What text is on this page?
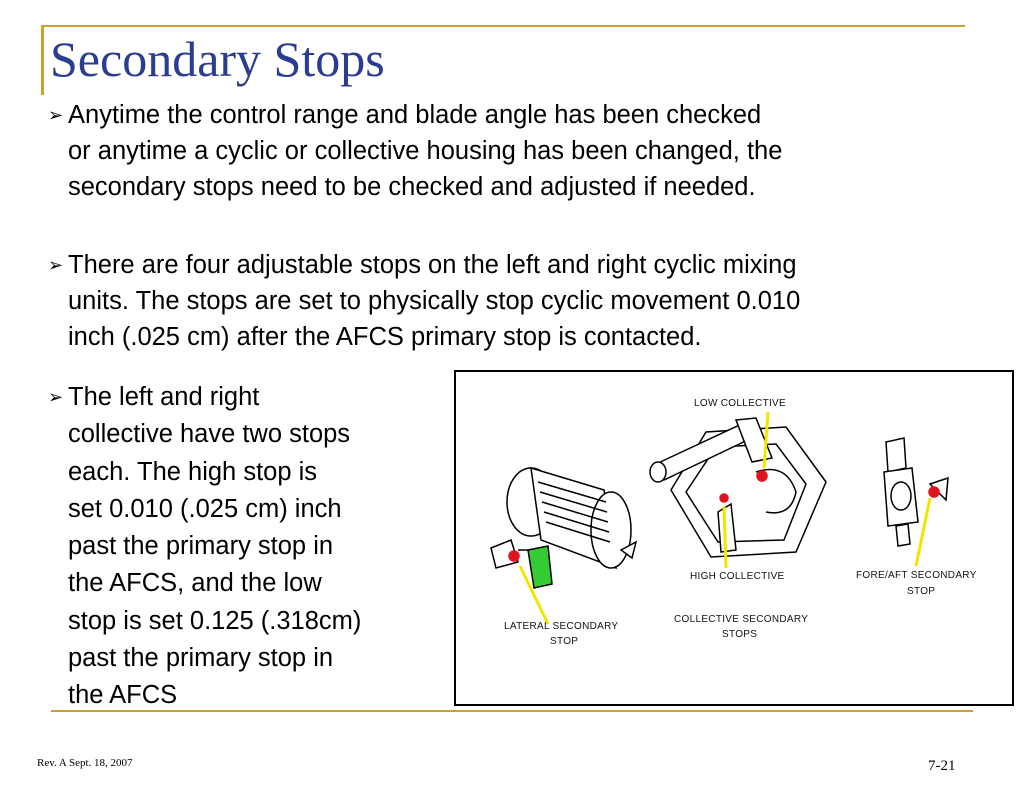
Secondary Stops
➢ Anytime the control range and blade angle has been checked
or anytime a cyclic or collective housing has been changed, the
secondary stops need to be checked and adjusted if needed.
➢ There are four adjustable stops on the left and right cyclic mixing
units. The stops are set to physically stop cyclic movement 0.010
inch (.025 cm) after the AFCS primary stop is contacted.
➢ The left and right
collective have two stops
each. The high stop is
set 0.010 (.025 cm) inch
past the primary stop in
the AFCS, and the low
stop is set 0.125 (.318cm)
past the primary stop in
the AFCS
LOW COLLECTIVE
HIGH COLLECTIVE	FORE/AFT SECONDARY
STOP
LATERAL SECONDARY
STOP
COLLECTIVE SECONDARY
STOPS
Rev. A Sept. 18, 2007	7-21
